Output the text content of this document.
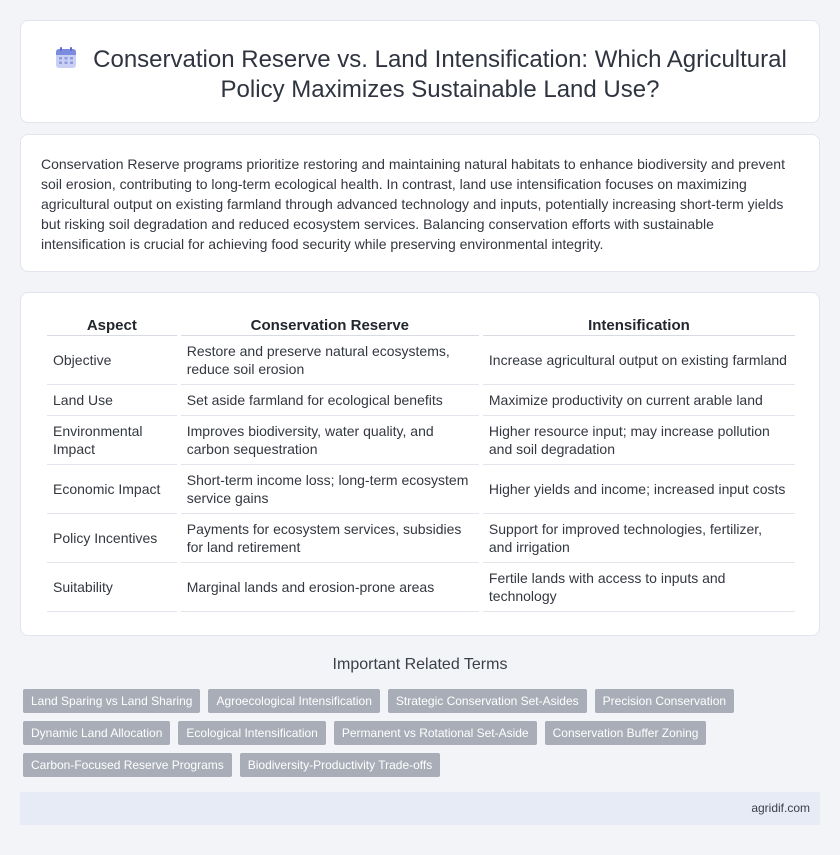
Conservation Reserve vs. Land Intensification: Which Agricultural Policy Maximizes Sustainable Land Use?

Conservation Reserve programs prioritize restoring and maintaining natural habitats to enhance biodiversity and prevent soil erosion, contributing to long-term ecological health. In contrast, land use intensification focuses on maximizing agricultural output on existing farmland through advanced technology and inputs, potentially increasing short-term yields but risking soil degradation and reduced ecosystem services. Balancing conservation efforts with sustainable intensification is crucial for achieving food security while preserving environmental integrity.

Aspect	Conservation Reserve	Intensification
Objective	Restore and preserve natural ecosystems, reduce soil erosion	Increase agricultural output on existing farmland
Land Use	Set aside farmland for ecological benefits	Maximize productivity on current arable land
Environmental Impact	Improves biodiversity, water quality, and carbon sequestration	Higher resource input; may increase pollution and soil degradation
Economic Impact	Short-term income loss; long-term ecosystem service gains	Higher yields and income; increased input costs
Policy Incentives	Payments for ecosystem services, subsidies for land retirement	Support for improved technologies, fertilizer, and irrigation
Suitability	Marginal lands and erosion-prone areas	Fertile lands with access to inputs and technology
Important Related Terms
Land Sparing vs Land Sharing	Agroecological Intensification	Strategic Conservation Set-Asides	Precision Conservation
Dynamic Land Allocation	Ecological Intensification	Permanent vs Rotational Set-Aside	Conservation Buffer Zoning
Carbon-Focused Reserve Programs	Biodiversity-Productivity Trade-offs
agridif.com
